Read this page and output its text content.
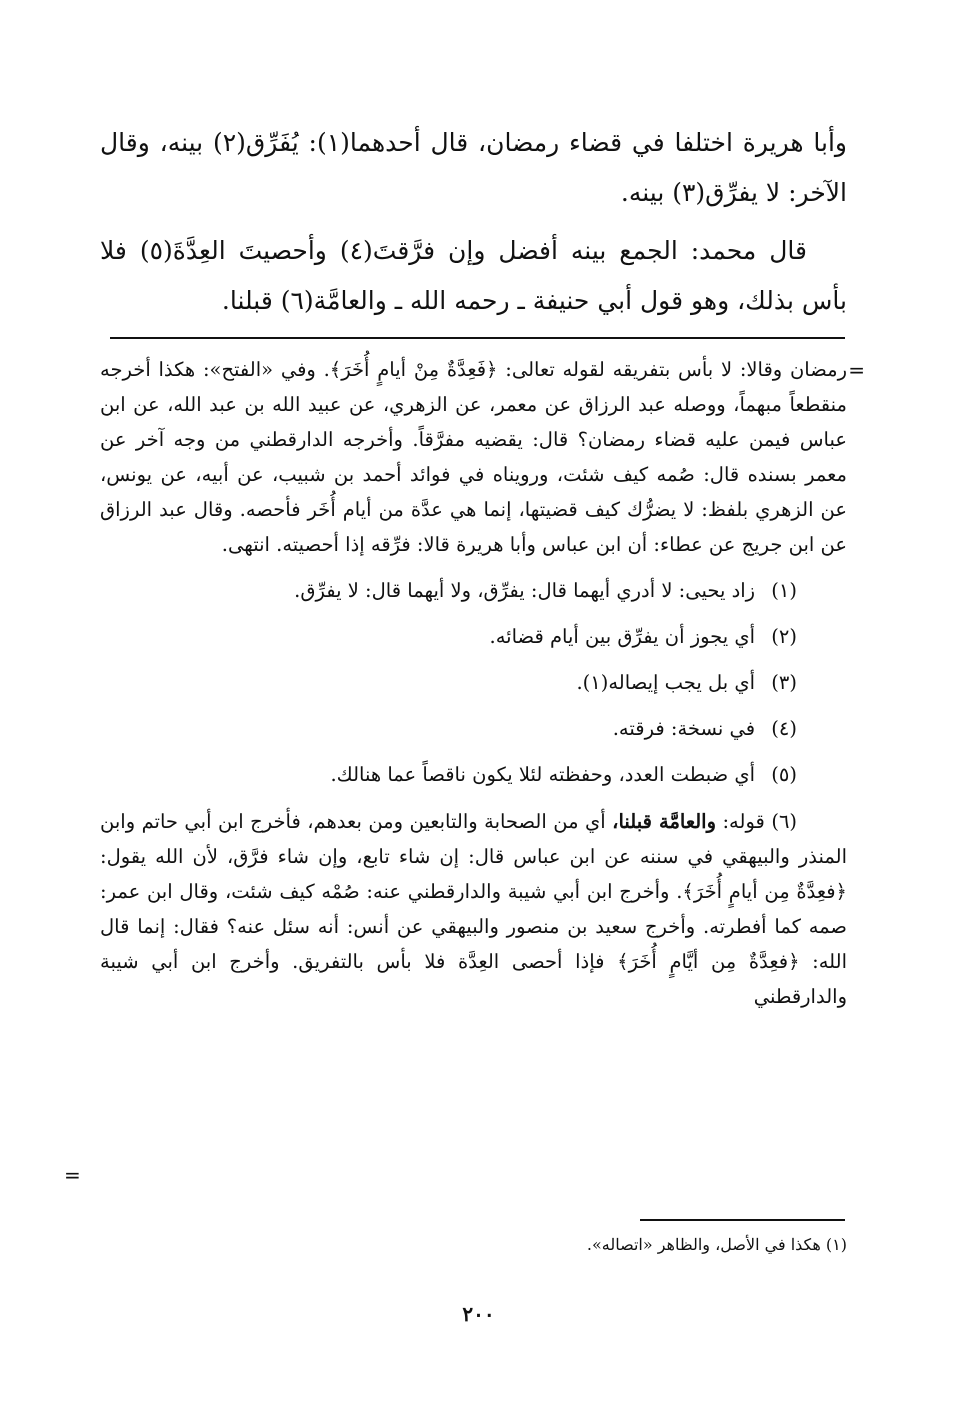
وأبا هريرة اختلفا في قضاء رمضان، قال أحدهما(١): يُفَرِّق(٢) بينه، وقال الآخر: لا يفرِّق(٣) بينه.

قال محمد: الجمع بينه أفضل وإن فرَّقتَ(٤) وأحصيتَ العِدَّةَ(٥) فلا بأس بذلك، وهو قول أبي حنيفة ـ رحمه الله ـ والعامَّة(٦) قبلنا.

=

رمضان وقالا: لا بأس بتفريقه لقوله تعالى: ﴿فَعِدَّةٌ مِنْ أيامٍ أُخَرَ﴾. وفي «الفتح»: هكذا أخرجه منقطعاً مبهماً، ووصله عبد الرزاق عن معمر، عن الزهري، عن عبيد الله بن عبد الله، عن ابن عباس فيمن عليه قضاء رمضان؟ قال: يقضيه مفرَّقاً. وأخرجه الدارقطني من وجه آخر عن معمر بسنده قال: صُمه كيف شئت، ورويناه في فوائد أحمد بن شبيب، عن أبيه، عن يونس، عن الزهري بلفظ: لا يضرُّك كيف قضيتها، إنما هي عدَّة من أيام أُخَر فأحصه. وقال عبد الرزاق عن ابن جريج عن عطاء: أن ابن عباس وأبا هريرة قالا: فرِّقه إذا أحصيته. انتهى.

(١) زاد يحيى: لا أدري أيهما قال: يفرِّق، ولا أيهما قال: لا يفرِّق.

(٢) أي يجوز أن يفرِّق بين أيام قضائه.

(٣) أي بل يجب إيصاله(١).

(٤) في نسخة: فرقته.

(٥) أي ضبطت العدد، وحفظته لئلا يكون ناقصاً عما هنالك.

(٦) قوله: والعامَّة قبلنا، أي من الصحابة والتابعين ومن بعدهم، فأخرج ابن أبي حاتم وابن المنذر والبيهقي في سننه عن ابن عباس قال: إن شاء تابع، وإن شاء فرَّق، لأن الله يقول: ﴿فعِدَّةٌ مِن أيامٍ أُخَرَ﴾. وأخرج ابن أبي شيبة والدارقطني عنه: صُمْه كيف شئت، وقال ابن عمر: صمه كما أفطرته. وأخرج سعيد بن منصور والبيهقي عن أنس: أنه سئل عنه؟ فقال: إنما قال الله: ﴿فعِدَّةٌ مِن أيَّامٍ أُخَرَ﴾ فإذا أحصى العِدَّة فلا بأس بالتفريق. وأخرج ابن أبي شيبة والدارقطني

=
(١) هكذا في الأصل، والظاهر «اتصاله».
٢٠٠
